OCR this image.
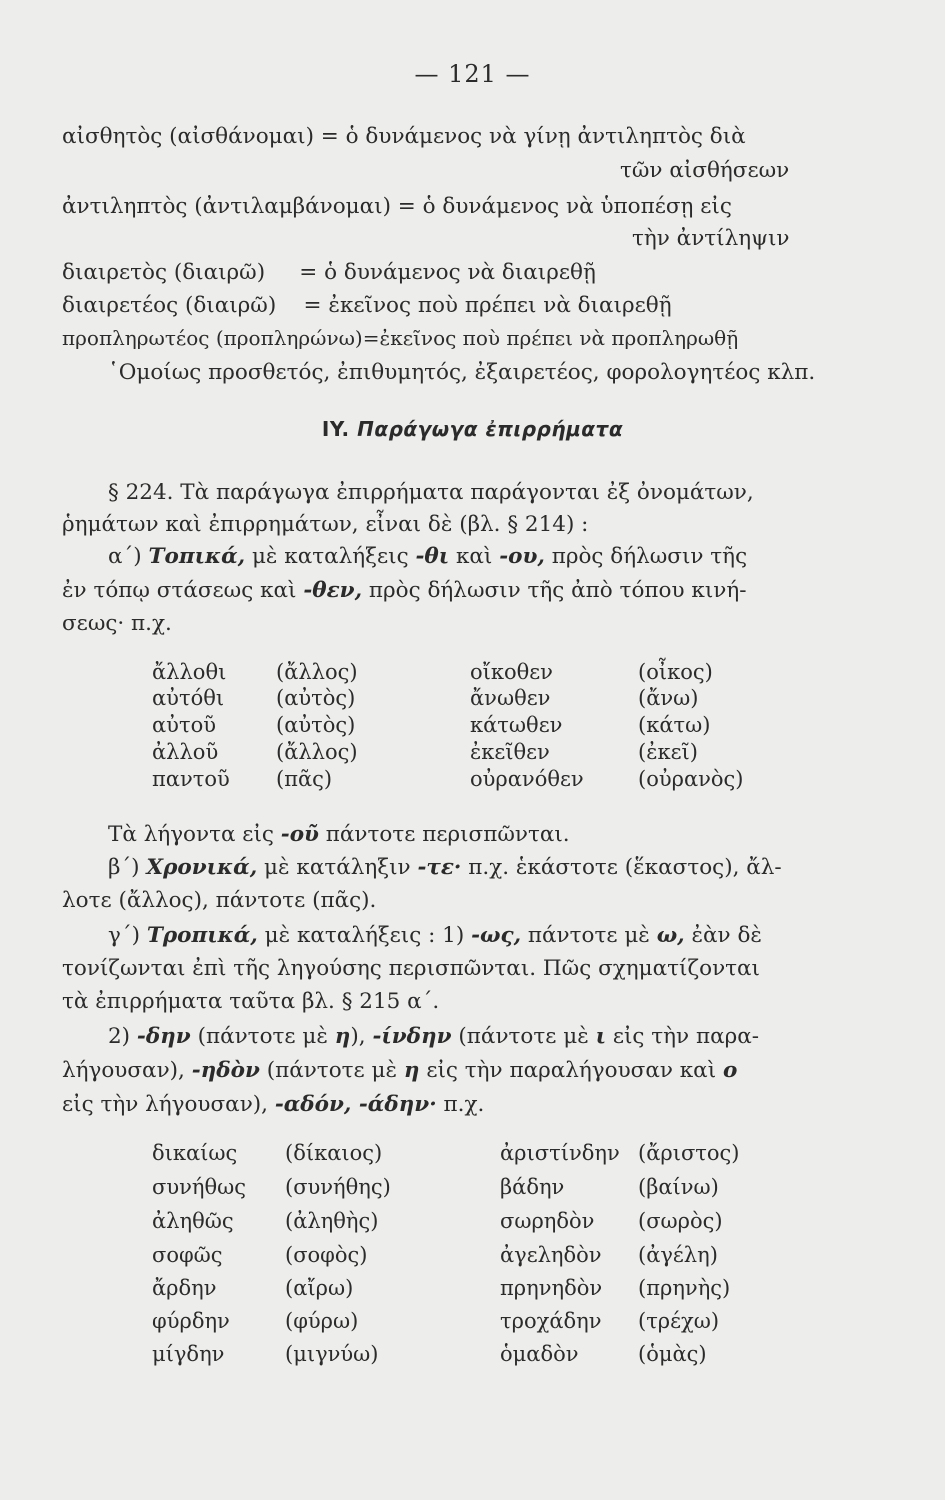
— 121 —
αἰσθητὸς (αἰσθάνομαι) = ὁ δυνάμενος νὰ γίνῃ ἀντιληπτὸς διὰ
τῶν αἰσθήσεων
ἀντιληπτὸς (ἀντιλαμβάνομαι) = ὁ δυνάμενος νὰ ὑποπέσῃ εἰς
τὴν ἀντίληψιν
διαιρετὸς (διαιρῶ)     = ὁ δυνάμενος νὰ διαιρεθῇ
διαιρετέος (διαιρῶ)    = ἐκεῖνος ποὺ πρέπει νὰ διαιρεθῇ
προπληρωτέος (προπληρώνω)=ἐκεῖνος ποὺ πρέπει νὰ προπληρωθῇ
῾Ομοίως προσθετός, ἐπιθυμητός, ἐξαιρετέος, φορολογητέος κλπ.
IY. Παράγωγα ἐπιρρήματα
§ 224. Τὰ παράγωγα ἐπιρρήματα παράγονται ἐξ ὀνομάτων,
ῥημάτων καὶ ἐπιρρημάτων, εἶναι δὲ (βλ. § 214) :
α΄) Τοπικά, μὲ καταλήξεις -θι καὶ -ου, πρὸς δήλωσιν τῆς
ἐν τόπῳ στάσεως καὶ -θεν, πρὸς δήλωσιν τῆς ἀπὸ τόπου κινή-
σεως· π.χ.
ἄλλοθι (ἄλλος)	οἴκοθεν	(οἶκος)
αὐτόθι (αὐτὸς)	ἄνωθεν	(ἄνω)
αὐτοῦ	(αὐτὸς)	κάτωθεν	(κάτω)
ἀλλοῦ	(ἄλλος)	ἐκεῖθεν	(ἐκεῖ)
παντοῦ (πᾶς)	οὐρανόθεν	(οὐρανὸς)
Τὰ λήγοντα εἰς -οῦ πάντοτε περισπῶνται.
β΄) Χρονικά, μὲ κατάληξιν -τε· π.χ. ἑκάστοτε (ἕκαστος), ἄλ-
λοτε (ἄλλος), πάντοτε (πᾶς).
γ΄) Τροπικά, μὲ καταλήξεις : 1) -ως, πάντοτε μὲ ω, ἐὰν δὲ
τονίζωνται ἐπὶ τῆς ληγούσης περισπῶνται. Πῶς σχηματίζονται
τὰ ἐπιρρήματα ταῦτα βλ. § 215 α΄.
2) -δην (πάντοτε μὲ η), -ίνδην (πάντοτε μὲ ι εἰς τὴν παρα-
λήγουσαν), -ηδὸν (πάντοτε μὲ η εἰς τὴν παραλήγουσαν καὶ ο
εἰς τὴν λήγουσαν), -αδόν, -άδην· π.χ.
δικαίως (δίκαιος)	ἀριστίνδην (ἄριστος)
συνήθως (συνήθης)	βάδην	(βαίνω)
ἀληθῶς (ἀληθὴς)	σωρηδὸν (σωρὸς)
σοφῶς	(σοφὸς)	ἀγεληδὸν (ἀγέλη)
ἄρδην	(αἴρω)	πρηνηδὸν (πρηνὴς)
φύρδην	(φύρω)	τροχάδην (τρέχω)
μίγδην	(μιγνύω)	ὁμαδὸν	(ὁμὰς)
